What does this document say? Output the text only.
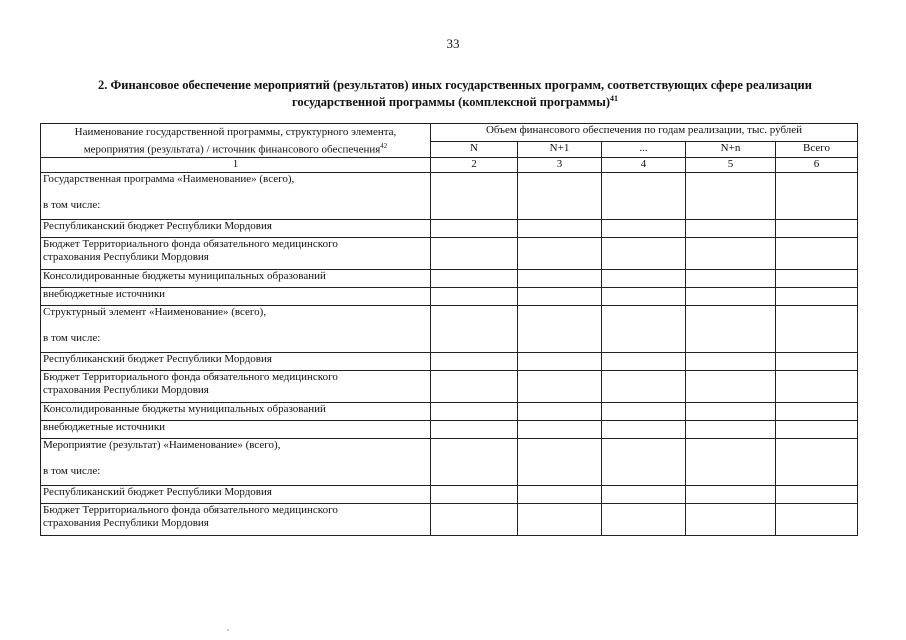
33
2. Финансовое обеспечение мероприятий (результатов) иных государственных программ, соответствующих сфере реализации
государственной программы (комплексной программы)$^{41}$
Наименование государственной программы, структурного элемента, мероприятия (результата) / источник финансового обеспечения$^{42}$	Объем финансового обеспечения по годам реализации, тыс. рублей				
	N	N+1	...	N+n	Всего
1	2	3	4	5	6
Государственная программа «Наименование» (всего),
в том числе:					

Республиканский бюджет Республики Мордовия					
Бюджет Территориального фонда обязательного медицинского
страхования Республики Мордовия					
Консолидированные бюджеты муниципальных образований					
внебюджетные источники					
Структурный элемент «Наименование» (всего),
в том числе:					

Республиканский бюджет Республики Мордовия					
Бюджет Территориального фонда обязательного медицинского
страхования Республики Мордовия					
Консолидированные бюджеты муниципальных образований					
внебюджетные источники					
Мероприятие (результат) «Наименование» (всего),
в том числе:					

Республиканский бюджет Республики Мордовия					
Бюджет Территориального фонда обязательного медицинского
страхования Республики Мордовия					
